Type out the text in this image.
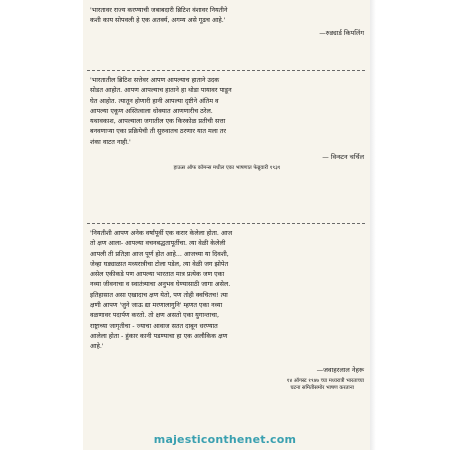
'भारतावर राज्य करण्याची जबाबदारी ब्रिटिश वंशावर नियतीने
कशी काय सोपवली हे एक अतर्क्य, अगम्य असे गूढच आहे.'

—रुड्यार्ड किपलिंग

'भारतातील ब्रिटिश सत्तेवर आपण आपल्याच हाताने उदक
सोडत आहोत. आपण आपल्याच हाताने हा थोडा पायावर पाडून
घेत आहोत. त्यातून होणारी हानी आपल्या दृष्टीने अंतिम व
आपल्या एकूण अस्तित्वाला धोक्यात आणणारीच ठरेल.
यथावकाश, आपल्याला जगातील एक किरकोळ प्रतीची सत्ता
बनवणाऱ्या एका प्रक्रियेची ती सुरुवातच ठरणार यात मला तर
शंका वाटत नाही.'

— विन्स्टन चर्चिल
हाऊस ऑफ कॉमन्स मधील एका भाषणात फेब्रुवारी १९३१

'नियतीशी आपण अनेक वर्षांपूर्वी एक करार केलेला होता. आज
तो क्षण आला- आपल्या वचनबद्धतापूर्तीचा. त्या वेळी केलेली
आपली ती प्रतिज्ञा आज पूर्ण होत आहे... आजच्या या दिवशी,
जेव्हा घड्याळात मध्यरात्रीचा टोला पडेल, त्या वेळी जग झोपेत
असेल एकीकडे पण आपल्या भारतात मात्र प्रत्येक जण एका
नव्या जीवनाचा व स्वातंत्र्याचा अनुभव घेण्यासाठी जागा असेल.
इतिहासात असा एखादाच क्षण येतो, पण तोही क्वचितच! त्या
क्षणी आपण 'जुने जाऊ द्या मरणालागुनि' म्हणत एका नव्या
वळणावर पदार्पण करतो. तो क्षण असतो एका युगान्ताचा,
राष्ट्राच्या जागृतीचा - ज्याचा आवाज सतत दाबून धरण्यात
आलेला होता - हुंकार कानी पडण्याचा हा एक अलौकिक क्षण
आहे.'

—जवाहरलाल नेहरू
१४ ऑगस्ट १९४७ च्या मध्यरात्री भारताच्या
घटना समितीसमोर भाषण करताना
majesticonthenet.com
